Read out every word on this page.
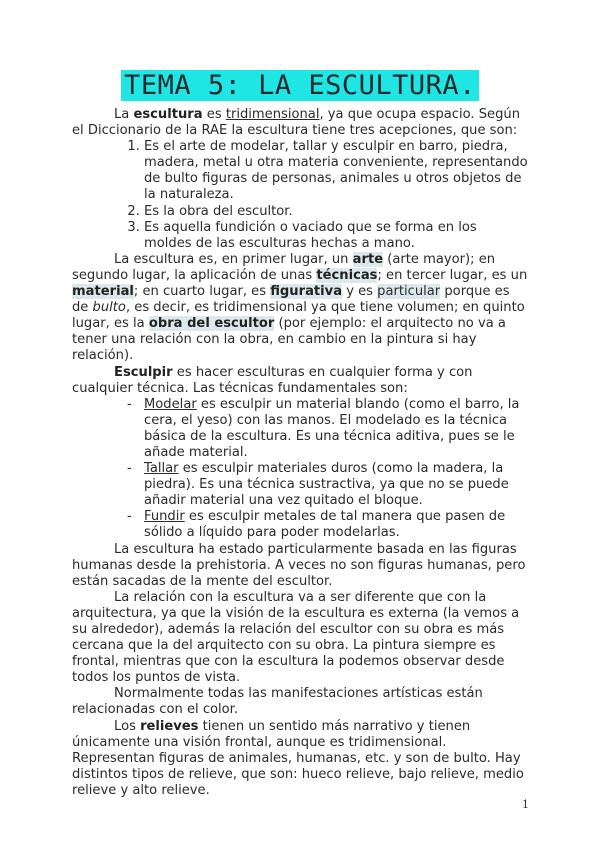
TEMA 5: LA ESCULTURA.

La escultura es tridimensional, ya que ocupa espacio. Según el Diccionario de la RAE la escultura tiene tres acepciones, que son:

1. Es el arte de modelar, tallar y esculpir en barro, piedra, madera, metal u otra materia conveniente, representando de bulto figuras de personas, animales u otros objetos de la naturaleza.
2. Es la obra del escultor.
3. Es aquella fundición o vaciado que se forma en los moldes de las esculturas hechas a mano.

La escultura es, en primer lugar, un arte (arte mayor); en segundo lugar, la aplicación de unas técnicas; en tercer lugar, es un material; en cuarto lugar, es figurativa y es particular porque es de bulto, es decir, es tridimensional ya que tiene volumen; en quinto lugar, es la obra del escultor (por ejemplo: el arquitecto no va a tener una relación con la obra, en cambio en la pintura si hay relación).

Esculpir es hacer esculturas en cualquier forma y con cualquier técnica. Las técnicas fundamentales son:

- Modelar es esculpir un material blando (como el barro, la cera, el yeso) con las manos. El modelado es la técnica básica de la escultura. Es una técnica aditiva, pues se le añade material.
- Tallar es esculpir materiales duros (como la madera, la piedra). Es una técnica sustractiva, ya que no se puede añadir material una vez quitado el bloque.
- Fundir es esculpir metales de tal manera que pasen de sólido a líquido para poder modelarlas.

La escultura ha estado particularmente basada en las figuras humanas desde la prehistoria. A veces no son figuras humanas, pero están sacadas de la mente del escultor.

La relación con la escultura va a ser diferente que con la arquitectura, ya que la visión de la escultura es externa (la vemos a su alrededor), además la relación del escultor con su obra es más cercana que la del arquitecto con su obra. La pintura siempre es frontal, mientras que con la escultura la podemos observar desde todos los puntos de vista.

Normalmente todas las manifestaciones artísticas están relacionadas con el color.

Los relieves tienen un sentido más narrativo y tienen únicamente una visión frontal, aunque es tridimensional. Representan figuras de animales, humanas, etc. y son de bulto. Hay distintos tipos de relieve, que son: hueco relieve, bajo relieve, medio relieve y alto relieve.

1
